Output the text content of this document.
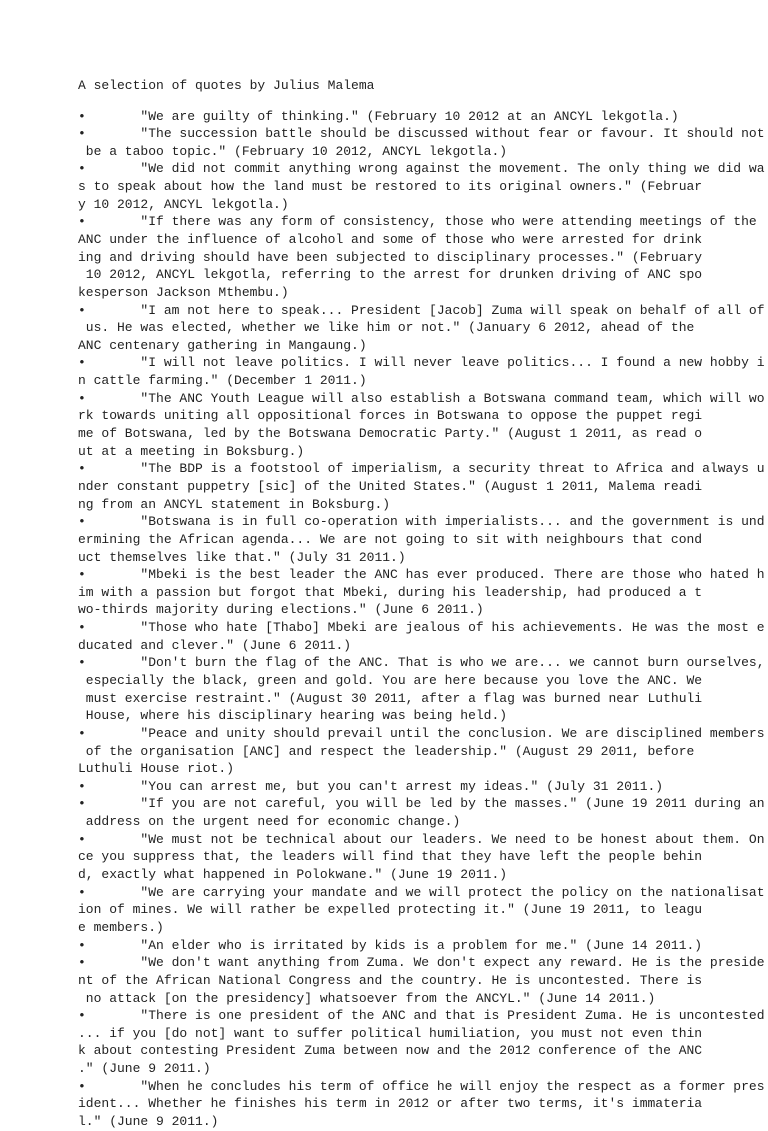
A selection of quotes by Julius Malema
•       "We are guilty of thinking." (February 10 2012 at an ANCYL lekgotla.)
•       "The succession battle should be discussed without fear or favour. It should not
be a taboo topic." (February 10 2012, ANCYL lekgotla.)
•       "We did not commit anything wrong against the movement. The only thing we did wa
s to speak about how the land must be restored to its original owners." (Februar
y 10 2012, ANCYL lekgotla.)
•       "If there was any form of consistency, those who were attending meetings of the
ANC under the influence of alcohol and some of those who were arrested for drink
ing and driving should have been subjected to disciplinary processes." (February
10 2012, ANCYL lekgotla, referring to the arrest for drunken driving of ANC spo
kesperson Jackson Mthembu.)
•       "I am not here to speak... President [Jacob] Zuma will speak on behalf of all of
us. He was elected, whether we like him or not." (January 6 2012, ahead of the
ANC centenary gathering in Mangaung.)
•       "I will not leave politics. I will never leave politics... I found a new hobby i
n cattle farming." (December 1 2011.)
•       "The ANC Youth League will also establish a Botswana command team, which will wo
rk towards uniting all oppositional forces in Botswana to oppose the puppet regi
me of Botswana, led by the Botswana Democratic Party." (August 1 2011, as read o
ut at a meeting in Boksburg.)
•       "The BDP is a footstool of imperialism, a security threat to Africa and always u
nder constant puppetry [sic] of the United States." (August 1 2011, Malema readi
ng from an ANCYL statement in Boksburg.)
•       "Botswana is in full co-operation with imperialists... and the government is und
ermining the African agenda... We are not going to sit with neighbours that cond
uct themselves like that." (July 31 2011.)
•       "Mbeki is the best leader the ANC has ever produced. There are those who hated h
im with a passion but forgot that Mbeki, during his leadership, had produced a t
wo-thirds majority during elections." (June 6 2011.)
•       "Those who hate [Thabo] Mbeki are jealous of his achievements. He was the most e
ducated and clever." (June 6 2011.)
•       "Don't burn the flag of the ANC. That is who we are... we cannot burn ourselves,
especially the black, green and gold. You are here because you love the ANC. We
must exercise restraint." (August 30 2011, after a flag was burned near Luthuli
House, where his disciplinary hearing was being held.)
•       "Peace and unity should prevail until the conclusion. We are disciplined members
of the organisation [ANC] and respect the leadership." (August 29 2011, before
Luthuli House riot.)
•       "You can arrest me, but you can't arrest my ideas." (July 31 2011.)
•       "If you are not careful, you will be led by the masses." (June 19 2011 during an
address on the urgent need for economic change.)
•       "We must not be technical about our leaders. We need to be honest about them. On
ce you suppress that, the leaders will find that they have left the people behin
d, exactly what happened in Polokwane." (June 19 2011.)
•       "We are carrying your mandate and we will protect the policy on the nationalisat
ion of mines. We will rather be expelled protecting it." (June 19 2011, to leagu
e members.)
•       "An elder who is irritated by kids is a problem for me." (June 14 2011.)
•       "We don't want anything from Zuma. We don't expect any reward. He is the preside
nt of the African National Congress and the country. He is uncontested. There is
no attack [on the presidency] whatsoever from the ANCYL." (June 14 2011.)
•       "There is one president of the ANC and that is President Zuma. He is uncontested
... if you [do not] want to suffer political humiliation, you must not even thin
k about contesting President Zuma between now and the 2012 conference of the ANC
." (June 9 2011.)
•       "When he concludes his term of office he will enjoy the respect as a former pres
ident... Whether he finishes his term in 2012 or after two terms, it's immateria
l." (June 9 2011.)
